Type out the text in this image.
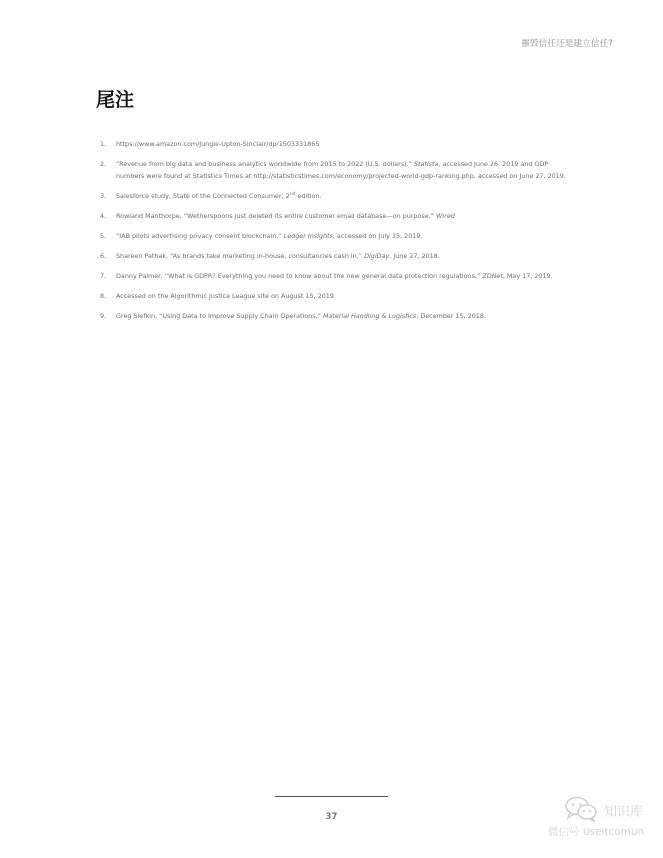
摧毁信任还是建立信任?
尾注
1.	https://www.amazon.com/Jungle-Upton-Sinclair/dp/1503331865
2.	“Revenue from big data and business analytics worldwide from 2015 to 2022 (U.S. dollars),” Statista, accessed June 26, 2019 and GDP numbers were found at Statistics Times at http://statisticstimes.com/economy/projected-world-gdp-ranking.php, accessed on June 27, 2019.
3.	Salesforce study, State of the Connected Consumer, 2nd edition.
4.	Rowland Manthorpe, “Wetherspoons just deleted its entire customer email database—on purpose,” Wired
5.	“IAB pilots advertising privacy consent blockchain,” Ledger Insights, accessed on July 15, 2019.
6.	Shareen Pathak, “As brands take marketing in-house, consultancies cash in,” DigiDay, June 27, 2018.
7.	Danny Palmer, “What is GDPR? Everything you need to know about the new general data protection regulations,” ZDNet, May 17, 2019.
8.	Accessed on the Algorithmic Justice League site on August 15, 2019.
9.	Greg Slefkin, “Using Data to Improve Supply Chain Operations,” Material Handling & Logistics, December 15, 2018.
37	知识库
微信号 useitcomun
